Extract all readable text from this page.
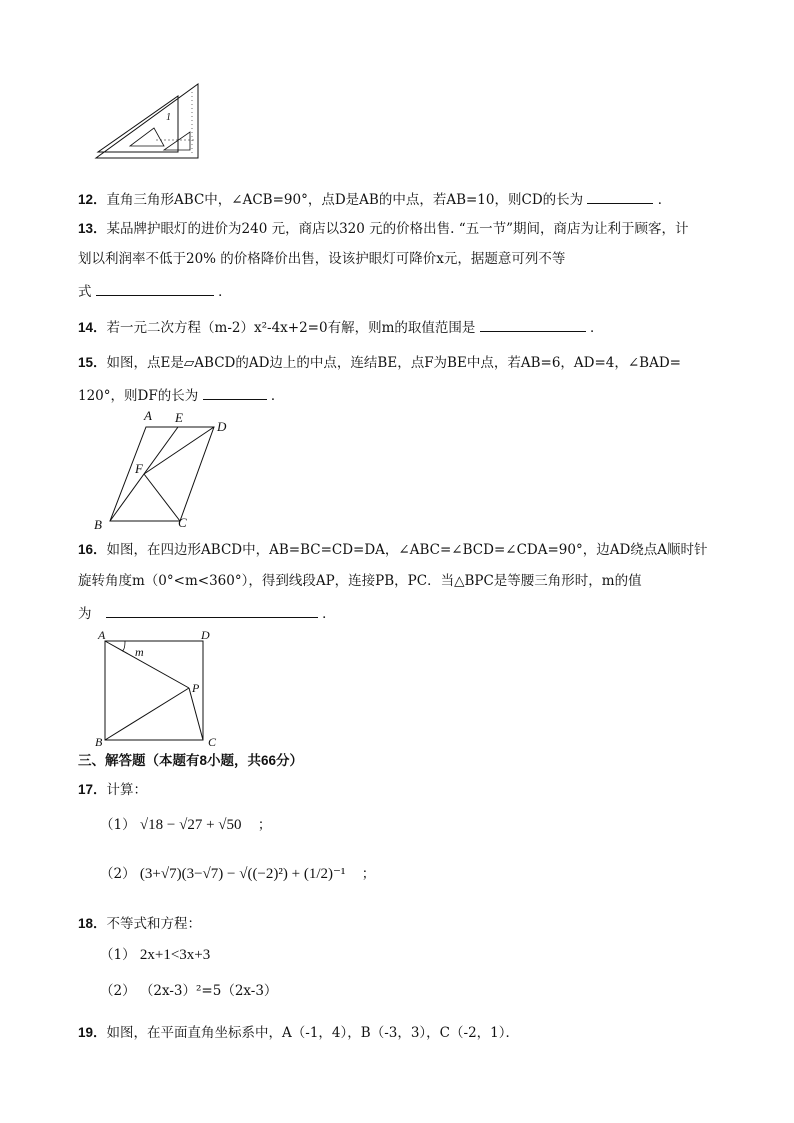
1
12．直角三角形ABC中，∠ACB=90°，点D是AB的中点，若AB=10，则CD的长为	．
13．某品牌护眼灯的进价为240 元，商店以320 元的价格出售. “五一节”期间，商店为让利于顾客，计
划以利润率不低于20% 的价格降价出售，设该护眼灯可降价x元，据题意可列不等
式	．
14．若一元二次方程（m-2）x²-4x+2=0有解，则m的取值范围是	．
15．如图，点E是▱ABCD的AD边上的中点，连结BE，点F为BE中点，若AB=6，AD=4，∠BAD=
120°，则DF的长为	．
A E
D
F
B	C
16．如图，在四边形ABCD中，AB=BC=CD=DA，∠ABC=∠BCD=∠CDA=90°，边AD绕点A顺时针
旋转角度m（0°<m<360°），得到线段AP，连接PB，PC．当△BPC是等腰三角形时，m的值
为	．
A	D
m
P
B	C
三、解答题（本题有8小题，共66分）
17．计算：
（1） √18 − √27 + √50 ；
（2） (3+√7)(3−√7) − √((−2)²) + (1/2)⁻¹ ；
18．不等式和方程：
（1） 2x+1<3x+3
（2） （2x-3）²=5（2x-3）
19．如图，在平面直角坐标系中，A（-1，4），B（-3，3），C（-2，1）．
